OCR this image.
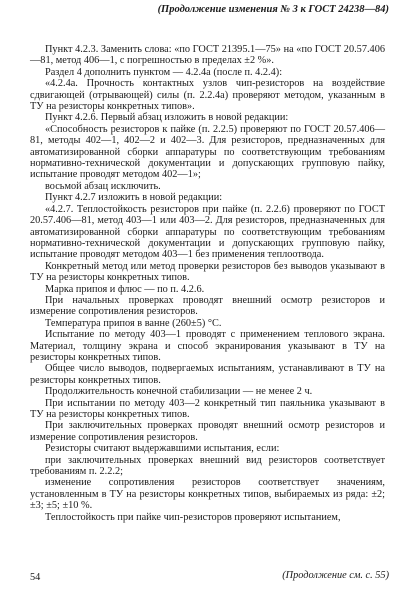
(Продолжение изменения № 3 к ГОСТ 24238—84)

Пункт 4.2.3. Заменить слова: «по ГОСТ 21395.1—75» на «по ГОСТ 20.57.406—81, метод 406—1, с погрешностью в пределах ±2 %».

Раздел 4 дополнить пунктом — 4.2.4а (после п. 4.2.4):

«4.2.4а. Прочность контактных узлов чип-резисторов на воздействие сдвигающей (отрывающей) силы (п. 2.2.4а) проверяют методом, указанным в ТУ на резисторы конкретных типов».

Пункт 4.2.6. Первый абзац изложить в новой редакции:

«Способность резисторов к пайке (п. 2.2.5) проверяют по ГОСТ 20.57.406—81, методы 402—1, 402—2 и 402—3. Для резисторов, предназначенных для автоматизированной сборки аппаратуры по соответствующим требованиям нормативно-технической документации и допускающих групповую пайку, испытание проводят методом 402—1»;

восьмой абзац исключить.

Пункт 4.2.7 изложить в новой редакции:

«4.2.7. Теплостойкость резисторов при пайке (п. 2.2.6) проверяют по ГОСТ 20.57.406—81, метод 403—1 или 403—2. Для резисторов, предназначенных для автоматизированной сборки аппаратуры по соответствующим требованиям нормативно-технической документации и допускающих групповую пайку, испытание проводят методом 403—1 без применения теплоотвода.

Конкретный метод или метод проверки резисторов без выводов указывают в ТУ на резисторы конкретных типов.

Марка припоя и флюс — по п. 4.2.6.

При начальных проверках проводят внешний осмотр резисторов и измерение сопротивления резисторов.

Температура припоя в ванне (260±5) °С.

Испытание по методу 403—1 проводят с применением теплового экрана. Материал, толщину экрана и способ экранирования указывают в ТУ на резисторы конкретных типов.

Общее число выводов, подвергаемых испытаниям, устанавливают в ТУ на резисторы конкретных типов.

Продолжительность конечной стабилизации — не менее 2 ч.

При испытании по методу 403—2 конкретный тип паяльника указывают в ТУ на резисторы конкретных типов.

При заключительных проверках проводят внешний осмотр резисторов и измерение сопротивления резисторов.

Резисторы считают выдержавшими испытания, если:

при заключительных проверках внешний вид резисторов соответствует требованиям п. 2.2.2;

изменение сопротивления резисторов соответствует значениям, установленным в ТУ на резисторы конкретных типов, выбираемых из ряда: ±2; ±3; ±5; ±10 %.

Теплостойкость при пайке чип-резисторов проверяют испытанием,

(Продолжение см. с. 55)
54
